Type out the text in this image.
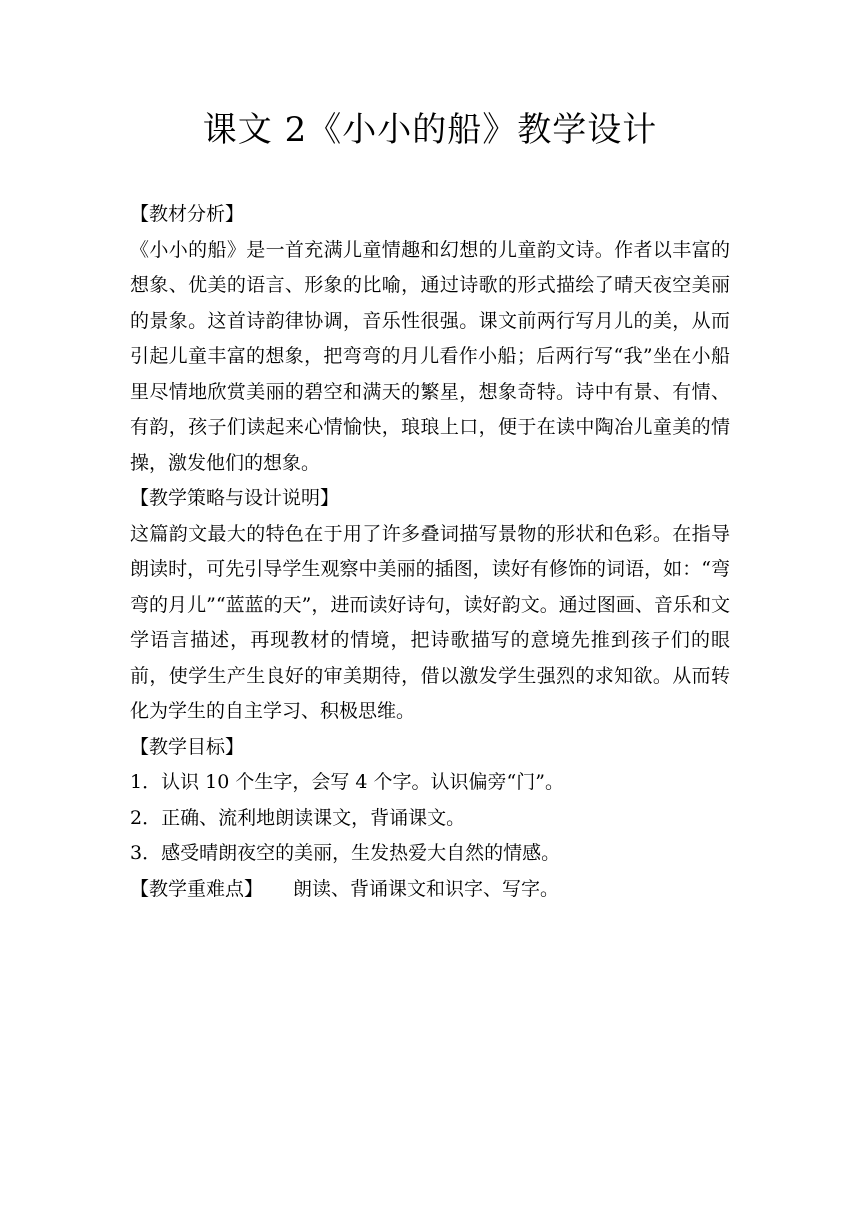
课文 2《小小的船》教学设计

【教材分析】

《小小的船》是一首充满儿童情趣和幻想的儿童韵文诗。作者以丰富的想象、优美的语言、形象的比喻，通过诗歌的形式描绘了晴天夜空美丽的景象。这首诗韵律协调，音乐性很强。课文前两行写月儿的美，从而引起儿童丰富的想象，把弯弯的月儿看作小船；后两行写“我”坐在小船里尽情地欣赏美丽的碧空和满天的繁星，想象奇特。诗中有景、有情、有韵，孩子们读起来心情愉快，琅琅上口，便于在读中陶冶儿童美的情操，激发他们的想象。

【教学策略与设计说明】

这篇韵文最大的特色在于用了许多叠词描写景物的形状和色彩。在指导朗读时，可先引导学生观察中美丽的插图，读好有修饰的词语，如：“弯弯的月儿”“蓝蓝的天”，进而读好诗句，读好韵文。通过图画、音乐和文学语言描述，再现教材的情境，把诗歌描写的意境先推到孩子们的眼前，使学生产生良好的审美期待，借以激发学生强烈的求知欲。从而转化为学生的自主学习、积极思维。

【教学目标】

1．认识 10 个生字，会写 4 个字。认识偏旁“门”。

2．正确、流利地朗读课文，背诵课文。

3．感受晴朗夜空的美丽，生发热爱大自然的情感。

【教学重难点】 朗读、背诵课文和识字、写字。
